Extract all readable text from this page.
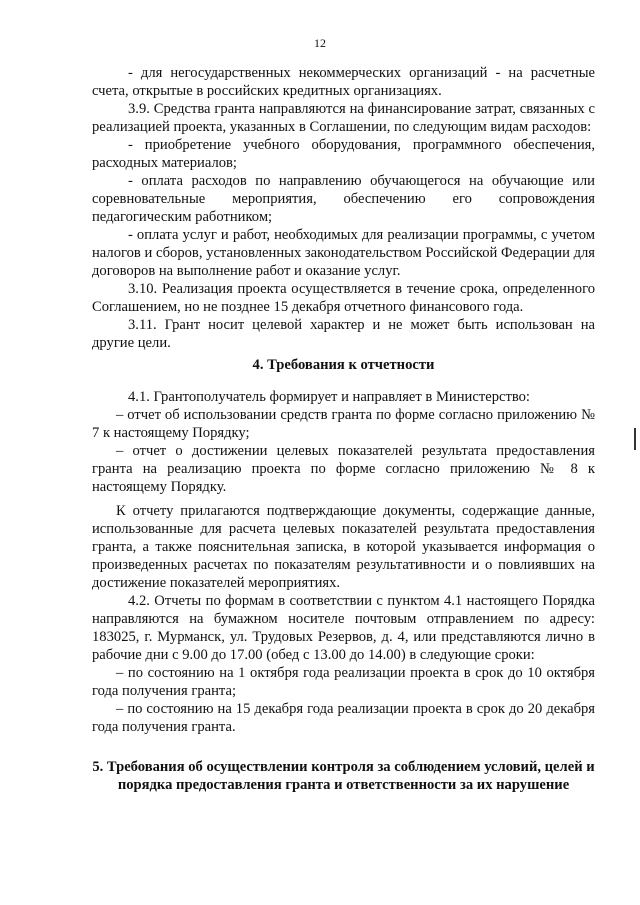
12

- для негосударственных некоммерческих организаций - на расчетные счета, открытые в российских кредитных организациях.

3.9. Средства гранта направляются на финансирование затрат, связанных с реализацией проекта, указанных в Соглашении, по следующим видам расходов:

- приобретение учебного оборудования, программного обеспечения, расходных материалов;

- оплата расходов по направлению обучающегося на обучающие или соревновательные мероприятия, обеспечению его сопровождения педагогическим работником;

- оплата услуг и работ, необходимых для реализации программы, с учетом налогов и сборов, установленных законодательством Российской Федерации для договоров на выполнение работ и оказание услуг.

3.10. Реализация проекта осуществляется в течение срока, определенного Соглашением, но не позднее 15 декабря отчетного финансового года.

3.11. Грант носит целевой характер и не может быть использован на другие цели.

4. Требования к отчетности

4.1. Грантополучатель формирует и направляет в Министерство:

– отчет об использовании средств гранта по форме согласно приложению № 7 к настоящему Порядку;

– отчет о достижении целевых показателей результата предоставления гранта на реализацию проекта по форме согласно приложению № 8 к настоящему Порядку.

К отчету прилагаются подтверждающие документы, содержащие данные, использованные для расчета целевых показателей результата предоставления гранта, а также пояснительная записка, в которой указывается информация о произведенных расчетах по показателям результативности и о повлиявших на достижение показателей мероприятиях.

4.2. Отчеты по формам в соответствии с пунктом 4.1 настоящего Порядка направляются на бумажном носителе почтовым отправлением по адресу: 183025, г. Мурманск, ул. Трудовых Резервов, д. 4, или представляются лично в рабочие дни с 9.00 до 17.00 (обед с 13.00 до 14.00) в следующие сроки:

– по состоянию на 1 октября года реализации проекта в срок до 10 октября года получения гранта;

– по состоянию на 15 декабря года реализации проекта в срок до 20 декабря года получения гранта.

5. Требования об осуществлении контроля за соблюдением условий, целей и порядка предоставления гранта и ответственности за их нарушение
